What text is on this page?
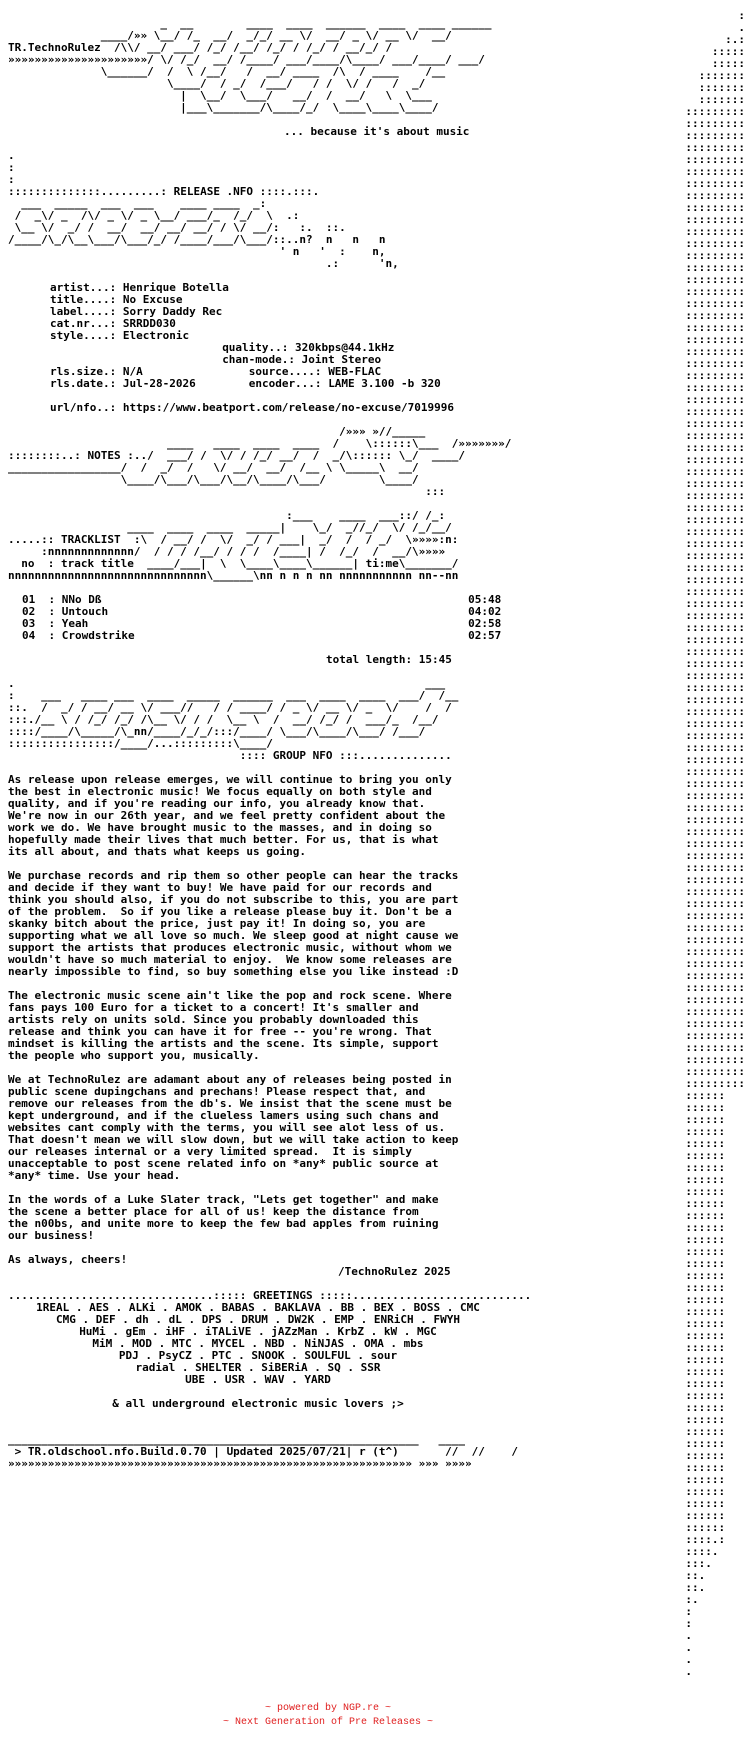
:
.
:.:
:::::
:::::
:::::::
:::::::
:::::::
:::::::::
:::::::::
:::::::::
:::::::::
:::::::::
:::::::::
:::::::::
:::::::::
:::::::::
:::::::::
:::::::::
:::::::::
:::::::::
:::::::::
:::::::::
:::::::::
:::::::::
:::::::::
:::::::::
:::::::::
:::::::::
:::::::::
:::::::::
:::::::::
:::::::::
:::::::::
:::::::::
:::::::::
:::::::::
:::::::::
:::::::::
:::::::::
:::::::::
:::::::::
:::::::::
:::::::::
:::::::::
:::::::::
:::::::::
:::::::::
:::::::::
:::::::::
:::::::::
:::::::::
:::::::::
:::::::::
:::::::::
:::::::::
:::::::::
:::::::::
:::::::::
:::::::::
:::::::::
:::::::::
:::::::::
:::::::::
:::::::::
:::::::::
:::::::::
:::::::::
:::::::::
:::::::::
:::::::::
:::::::::
:::::::::
:::::::::
:::::::::
:::::::::
:::::::::
:::::::::
:::::::::
:::::::::
:::::::::
:::::::::
:::::::::
:::::::::
:::::::::
:::::::::
:::::::::
:::::::::
:::::::::
:::::::::
::::::
::::::
::::::
::::::
::::::
::::::
::::::
::::::
::::::
::::::
::::::
::::::
::::::
::::::
::::::
::::::
::::::
::::::
::::::
::::::
::::::
::::::
::::::
::::::
::::::
::::::
::::::
::::::
::::::
::::::
::::::
::::::
::::::
::::::
::::::
::::::
::::::
::::.:
::::.
:::.
::.
::.
:.
:
:
.
.
.
.

_  __        ____  ____  ______  ____  ____ ______
____/»» \__/ /_  __/  _/_/ __ \/  __/ _ \/ __ \/  __/
TR.TechnoRulez  /\\/ __/ ___/ /_/ /__/ /_/ / /_/ / __/_/ /
»»»»»»»»»»»»»»»»»»»»»/ \/ /_/  __/ /____/ ___/____/\____/ ___/____/ ___/
\______/  /  \ /__/   /  __/ ____  /\  / ____    /__
\____/  / _/  /___/   / /  \/ /   /  _/
|  \__/  \___/   __/  /  __/   \  \___
|___\_______/\____/_/  \____\____\____/

... because it's about music

.
:
:
::::::::::::::.........: RELEASE .NFO ::::.:::.
___  _____  ___  ___    ____ ____  _:
/  _\/ _  /\/ _ \/ _ \__/ ___/_  /_/  \  .:
\__ \/  _/ /  __/  __/ __/ __/ / \/ __/:   :.  ::.
/____/\_/\__\___/\___/_/ /____/___/\___/::..n?  n   n   n
' n   '  :    n,
.:      'n,

artist...: Henrique Botella
title....: No Excuse
label....: Sorry Daddy Rec
cat.nr...: SRRDD030
style....: Electronic
quality..: 320kbps@44.1kHz
chan-mode.: Joint Stereo
rls.size.: N/A	source....: WEB-FLAC
rls.date.: Jul-28-2026	encoder...: LAME 3.100 -b 320

url/nfo..: https://www.beatport.com/release/no-excuse/7019996

/»»» »//_____
____   ____  ____  ____  /    \::::::\___  /»»»»»»»/
::::::::..: NOTES :../  ___/ /  \/ / /_/ __/  /  _/\:::::: \_/  ____/
_________________/  /  _/  /   \/ __/  __/  /__ \ \_____\  __/
\____/\___/\___/\__/\____/\___/        \____/
:::

:___    ____  ___::/ /_:
____  ____  ____  _____|    \_/  _//_/  \/ /_/__/
.....:: TRACKLIST  :\  / __/ /  \/  _/ / ___|  _/  /  / _/  \»»»»:n:
:nnnnnnnnnnnnn/  / / / /__/ / / /  /____| /  /_/  /  __/\»»»»
no : track title  ____/___|  \  \____\____\______| ti:me\_______/
nnnnnnnnnnnnnnnnnnnnnnnnnnnnnn\______\nn n n n nn nnnnnnnnnnn nn--nn

01  : NNo Dß	05:48
02  : Untouch	04:02
03  : Yeah	02:58
04  : Crowdstrike	02:57

total length: 15:45

.                                                              ___
:    ___   ____ ___  ____  _____  ______  ___  ____  ____  ___/  /__
::.  /  _/ / __/ __ \/ ___//   / / ____/ / _ \/ __ \/ _  \/    /  /
:::./__ \ / /_/ /_/ /\__ \/ / /  \__ \  /  __/ /_/ /  ___/_  /__/
::::/____/\_____/\_nn/____/_/_/:::/____/ \___/\____/\___/ /___/
::::::::::::::::/____/...:::::::::\____/
:::: GROUP NFO :::..............

As release upon release emerges, we will continue to bring you only
the best in electronic music! We focus equally on both style and
quality, and if you're reading our info, you already know that.
We're now in our 26th year, and we feel pretty confident about the
work we do. We have brought music to the masses, and in doing so
hopefully made their lives that much better. For us, that is what
its all about, and thats what keeps us going.

We purchase records and rip them so other people can hear the tracks
and decide if they want to buy! We have paid for our records and
think you should also, if you do not subscribe to this, you are part
of the problem.  So if you like a release please buy it. Don't be a
skanky bitch about the price, just pay it! In doing so, you are
supporting what we all love so much. We sleep good at night cause we
support the artists that produces electronic music, without whom we
wouldn't have so much material to enjoy.  We know some releases are
nearly impossible to find, so buy something else you like instead :D

The electronic music scene ain't like the pop and rock scene. Where
fans pays 100 Euro for a ticket to a concert! It's smaller and
artists rely on units sold. Since you probably downloaded this
release and think you can have it for free -- you're wrong. That
mindset is killing the artists and the scene. Its simple, support
the people who support you, musically.

We at TechnoRulez are adamant about any of releases being posted in
public scene dupingchans and prechans! Please respect that, and
remove our releases from the db's. We insist that the scene must be
kept underground, and if the clueless lamers using such chans and
websites cant comply with the terms, you will see alot less of us.
That doesn't mean we will slow down, but we will take action to keep
our releases internal or a very limited spread.  It is simply
unacceptable to post scene related info on *any* public source at
*any* time. Use your head.

In the words of a Luke Slater track, "Lets get together" and make
the scene a better place for all of us! keep the distance from
the n00bs, and unite more to keep the few bad apples from ruining
our business!

As always, cheers!
/TechnoRulez 2025

...............................::::: GREETINGS :::::...........................

1REAL . AES . ALKi . AMOK . BABAS . BAKLAVA . BB . BEX . BOSS . CMC
CMG . DEF . dh . dL . DPS . DRUM . DW2K . EMP . ENRiCH . FWYH
HuMi . gEm . iHF . iTALiVE . jAZzMan . KrbZ . kW . MGC
MiM . MOD . MTC . MYCEL . NBD . NiNJAS . OMA . mbs
PDJ . PsyCZ . PTC . SNOOK . SOULFUL . sour
radial . SHELTER . SiBERiA . SQ . SSR
UBE . USR . WAV . YARD

& all underground electronic music lovers ;>

______________________________________________________________   ____
> TR.oldschool.nfo.Build.0.70 | Updated 2025/07/21| r (t^)       //  //    /
»»»»»»»»»»»»»»»»»»»»»»»»»»»»»»»»»»»»»»»»»»»»»»»»»»»»»»»»»»»»» »»» »»»»

~ powered by NGP.re ~
~ Next Generation of Pre Releases ~
